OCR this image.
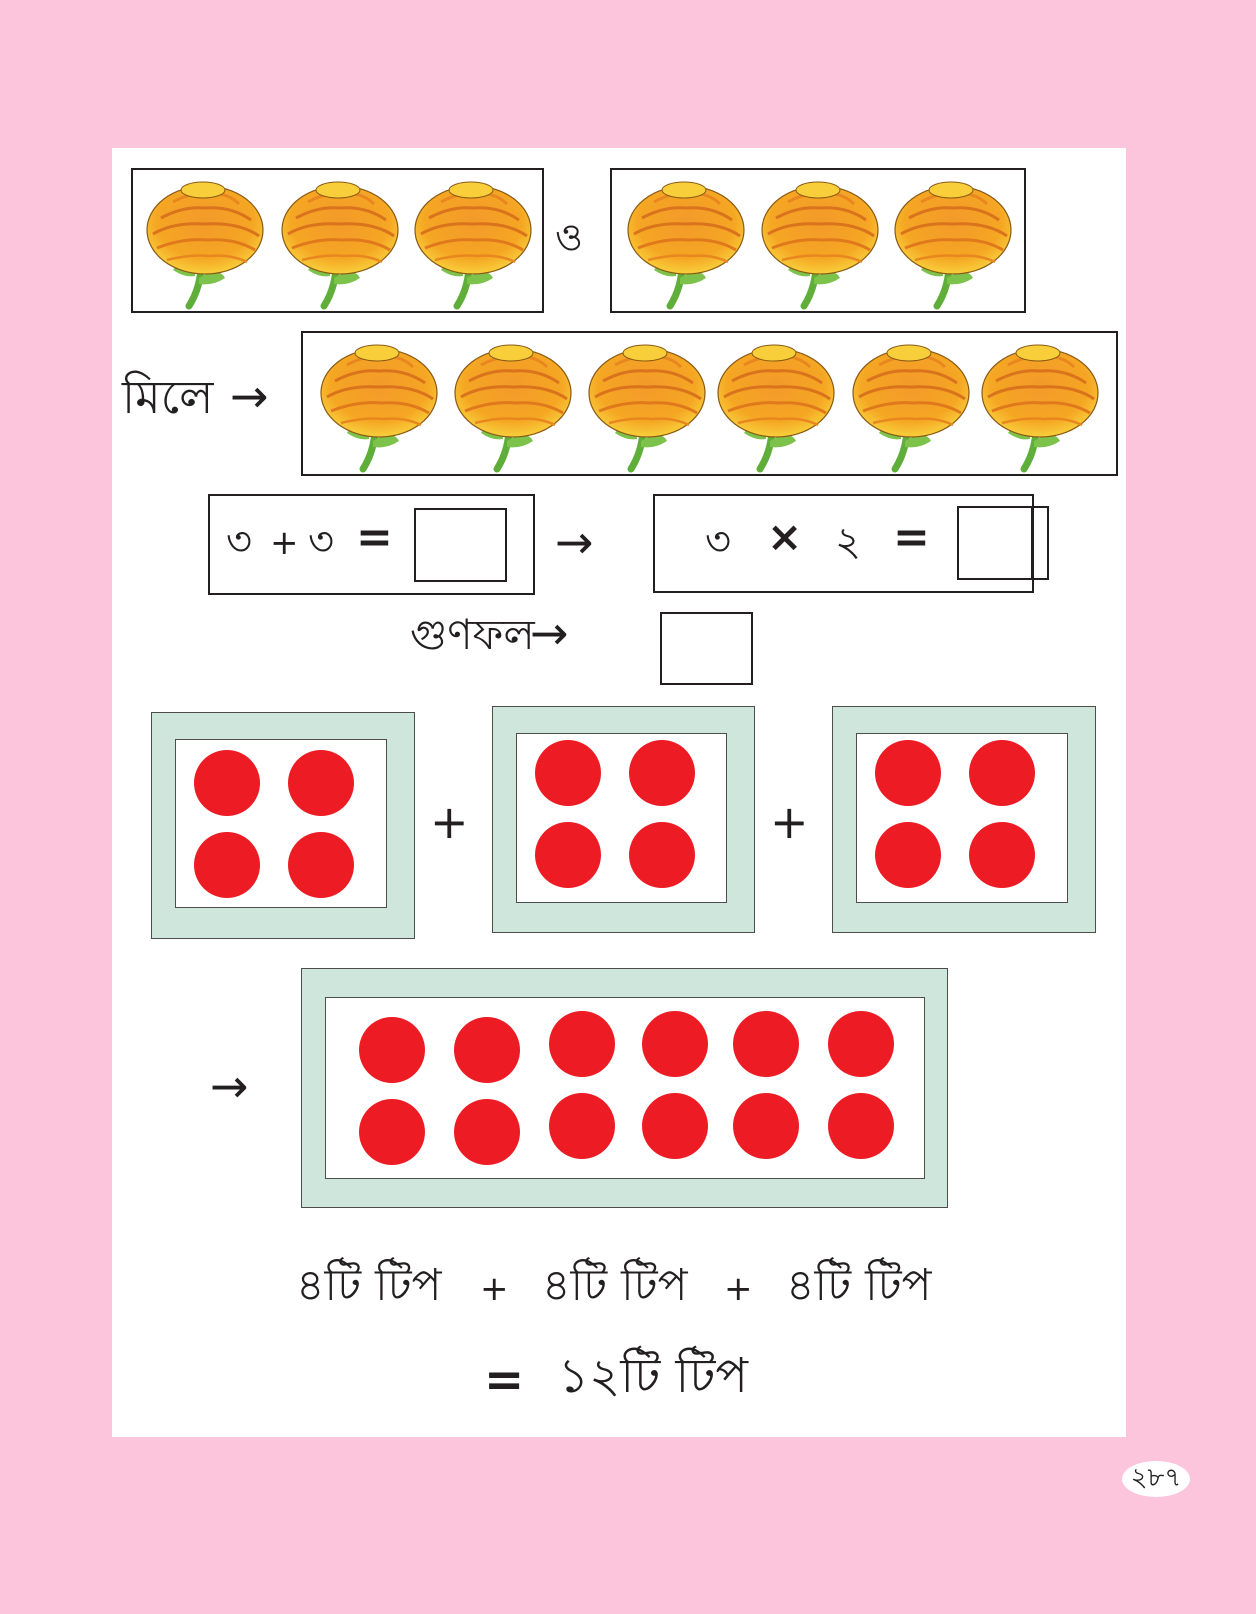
ও
মিলে →
৩ + ৩ =	→	৩ × ২ =
গুণফল
→
+	+
→
৪টি টিপ + ৪টি টিপ + ৪টি টিপ
= ১২টি টিপ
২৮৭
